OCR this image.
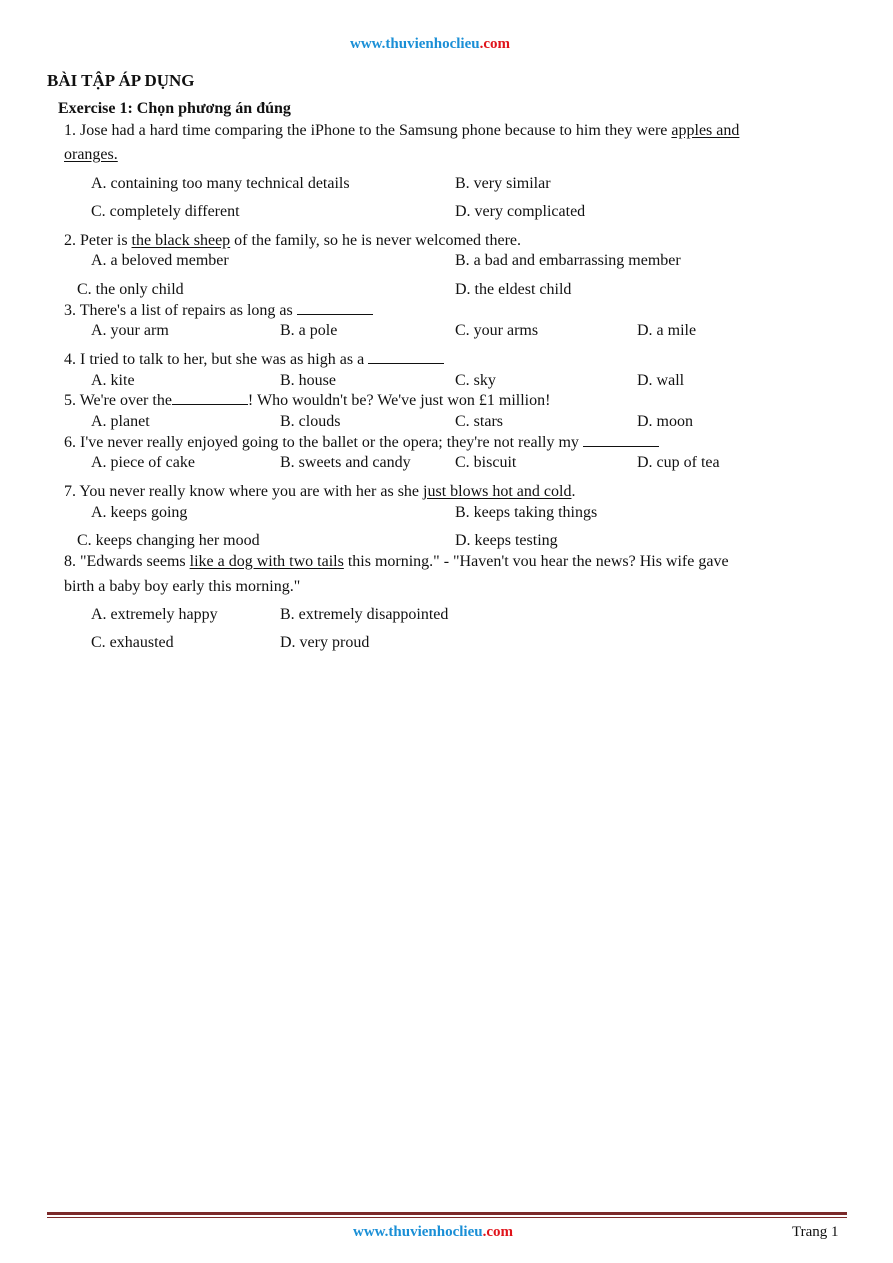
www.thuvienhoclieu.com
BÀI TẬP ÁP DỤNG
Exercise 1: Chọn phương án đúng
1. Jose had a hard time comparing the iPhone to the Samsung phone because to him they were apples and
oranges.
A. containing too many technical details	B. very similar
C. completely different	D. very complicated
2. Peter is the black sheep of the family, so he is never welcomed there.
A. a beloved member	B. a bad and embarrassing member
C. the only child	D. the eldest child
3. There's a list of repairs as long as
A. your arm	B. a pole	C. your arms	D. a mile
4. I tried to talk to her, but she was as high as a
A. kite	B. house	C. sky	D. wall
5. We're over the	! Who wouldn't be? We've just won £1 million!
A. planet	B. clouds	C. stars	D. moon
6. I've never really enjoyed going to the ballet or the opera; they're not really my
A. piece of cake	B. sweets and candy	C. biscuit	D. cup of tea
7. You never really know where you are with her as she just blows hot and cold.
A. keeps going	B. keeps taking things
C. keeps changing her mood	D. keeps testing
8. "Edwards seems like a dog with two tails this morning." - "Haven't vou hear the news? His wife gave
birth a baby boy early this morning."
A. extremely happy	B. extremely disappointed
C. exhausted	D. very proud
www.thuvienhoclieu.com	Trang 1
